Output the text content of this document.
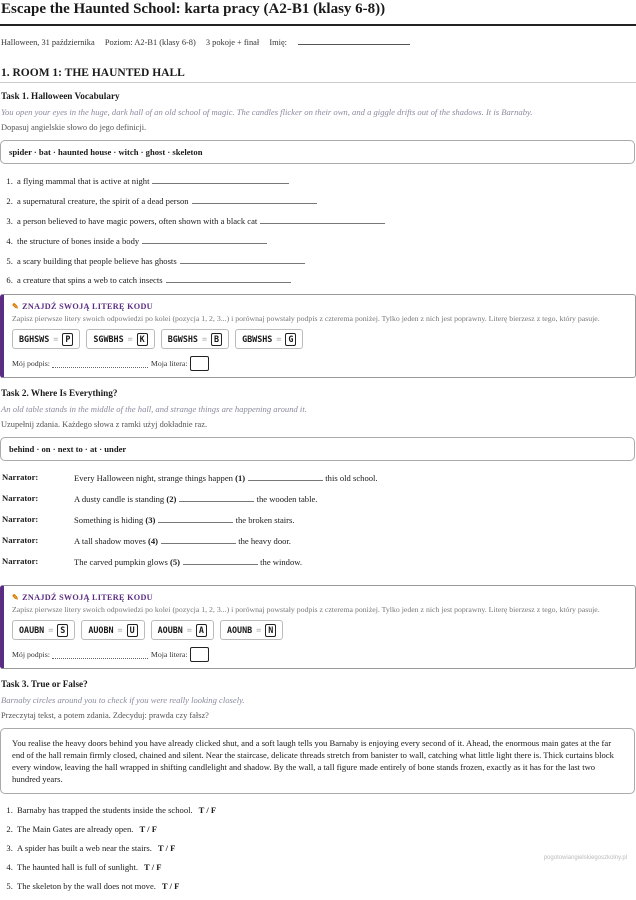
Escape the Haunted School: karta pracy (A2-B1 (klasy 6-8))
Halloween, 31 października Poziom: A2-B1 (klasy 6-8) 3 pokoje + finał Imię:
1. ROOM 1: THE HAUNTED HALL
Task 1. Halloween Vocabulary
You open your eyes in the huge, dark hall of an old school of magic. The candles flicker on their own, and a giggle drifts out of the shadows. It is Barnaby.
Dopasuj angielskie słowo do jego definicji.
spider · bat · haunted house · witch · ghost · skeleton
1. a flying mammal that is active at night
2. a supernatural creature, the spirit of a dead person
3. a person believed to have magic powers, often shown with a black cat
4. the structure of bones inside a body
5. a scary building that people believe has ghosts
6. a creature that spins a web to catch insects
✎ ZNAJDŹ SWOJĄ LITERĘ KODU
Zapisz pierwsze litery swoich odpowiedzi po kolei (pozycja 1, 2, 3...) i porównaj powstały podpis z czterema poniżej. Tylko jeden z nich jest poprawny. Literę bierzesz z tego, który pasuje.
BGHSWS = P	SGWBHS = K	BGWSHS = B	GBWSHS = G
Mój podpis:	Moja litera:
Task 2. Where Is Everything?
An old table stands in the middle of the hall, and strange things are happening around it.
Uzupełnij zdania. Każdego słowa z ramki użyj dokładnie raz.
behind · on · next to · at · under
Narrator:	Every Halloween night, strange things happen (1) this old school.
Narrator:	A dusty candle is standing (2) the wooden table.
Narrator:	Something is hiding (3) the broken stairs.
Narrator:	A tall shadow moves (4) the heavy door.
Narrator:	The carved pumpkin glows (5) the window.
✎ ZNAJDŹ SWOJĄ LITERĘ KODU
Zapisz pierwsze litery swoich odpowiedzi po kolei (pozycja 1, 2, 3...) i porównaj powstały podpis z czterema poniżej. Tylko jeden z nich jest poprawny. Literę bierzesz z tego, który pasuje.
OAUBN = S	AUOBN = U	AOUBN = A	AOUNB = N
Mój podpis:	Moja litera:
Task 3. True or False?
Barnaby circles around you to check if you were really looking closely.
Przeczytaj tekst, a potem zdania. Zdecyduj: prawda czy fałsz?
You realise the heavy doors behind you have already clicked shut, and a soft laugh tells you Barnaby is enjoying every second of it. Ahead, the enormous main gates at the far end of the hall remain firmly closed, chained and silent. Near the staircase, delicate threads stretch from banister to wall, catching what little light there is. Thick curtains block every window, leaving the hall wrapped in shifting candlelight and shadow. By the wall, a tall figure made entirely of bone stands frozen, exactly as it has for the last two hundred years.
1. Barnaby has trapped the students inside the school. T / F
2. The Main Gates are already open. T / F
3. A spider has built a web near the stairs. T / F
4. The haunted hall is full of sunlight. T / F
5. The skeleton by the wall does not move. T / F
pogotowiangielskiegoszkolny.pl
